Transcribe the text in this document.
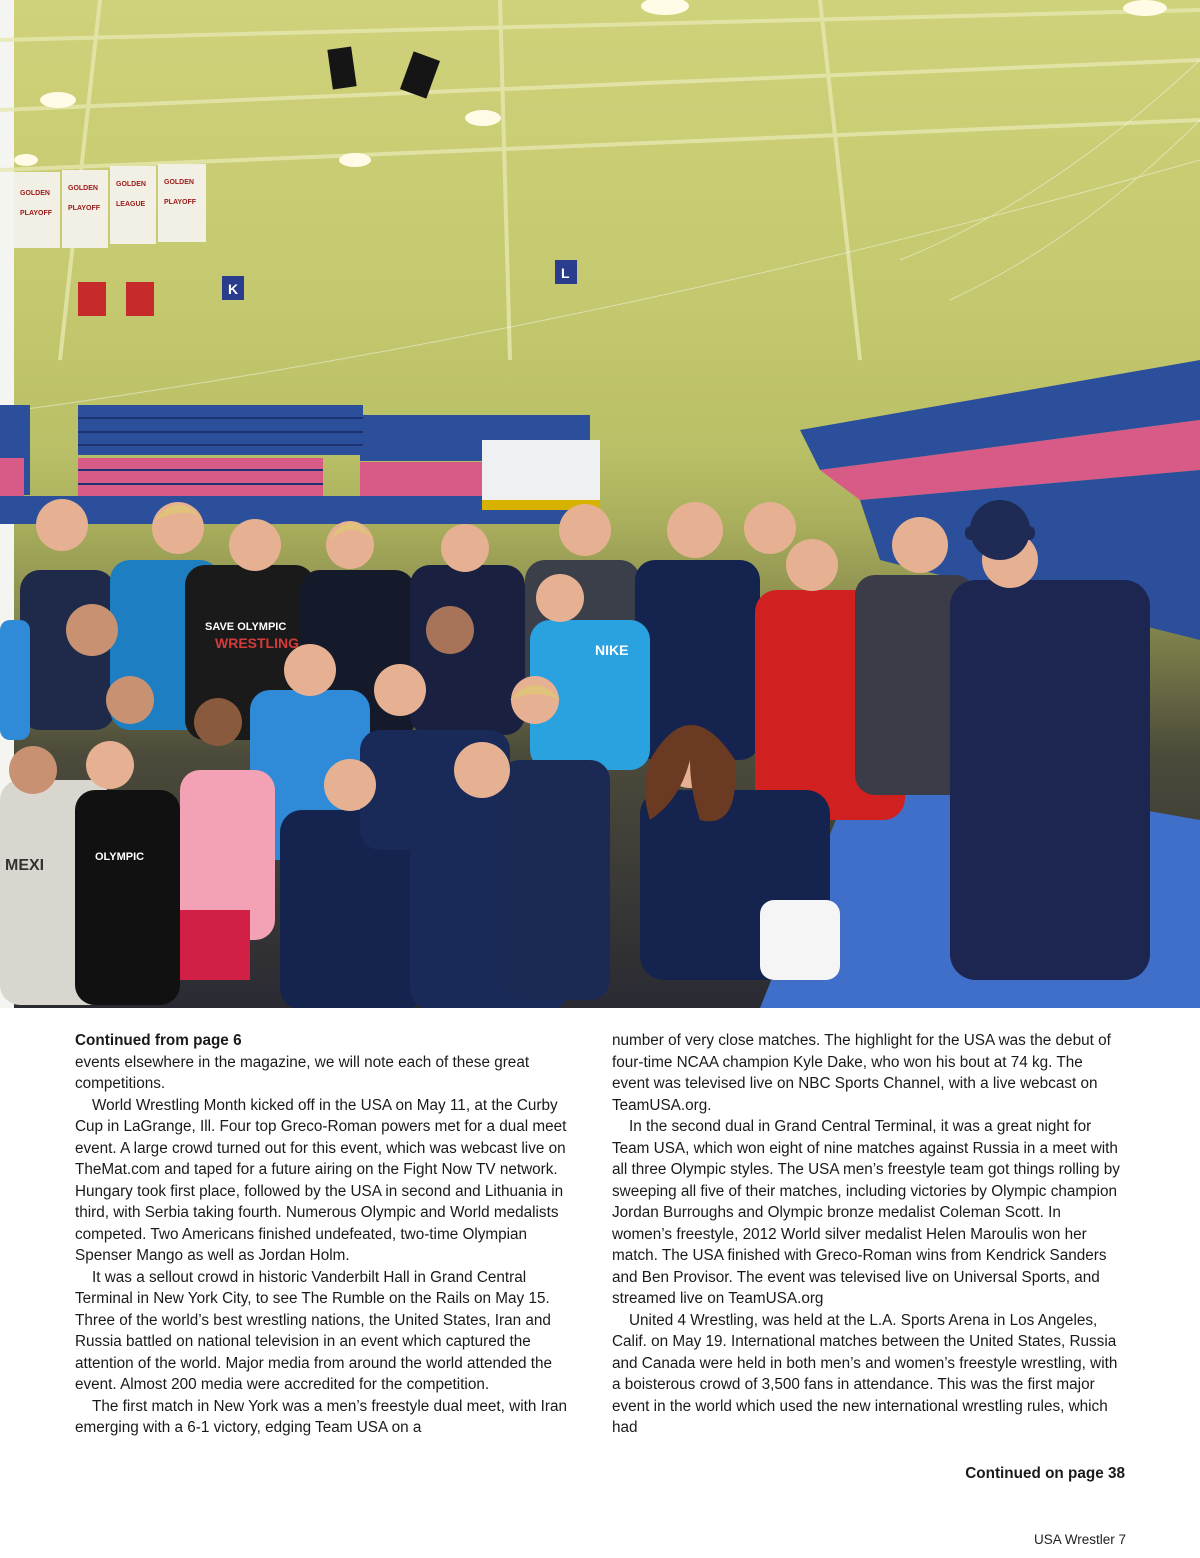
GOLDEN
GOLDEN
GOLDEN	GOLDEN
PLAYOFF
PLAYOFF
LEAGUE	PLAYOFF
K
L
SAVE OLYMPIC
WRESTLING	NIKE
OLYMPIC
MEXI

Continued from page 6

events elsewhere in the magazine, we will note each of these great competitions.

World Wrestling Month kicked off in the USA on May 11, at the Curby Cup in LaGrange, Ill. Four top Greco-Roman powers met for a dual meet event. A large crowd turned out for this event, which was webcast live on TheMat.com and taped for a future airing on the Fight Now TV network. Hungary took first place, followed by the USA in second and Lithuania in third, with Serbia taking fourth. Numerous Olympic and World medalists competed. Two Americans finished undefeated, two-time Olympian Spenser Mango as well as Jordan Holm.

It was a sellout crowd in historic Vanderbilt Hall in Grand Central Terminal in New York City, to see The Rumble on the Rails on May 15. Three of the world’s best wrestling nations, the United States, Iran and Russia battled on national television in an event which captured the attention of the world. Major media from around the world attended the event. Almost 200 media were accredited for the competition.

The first match in New York was a men’s freestyle dual meet, with Iran emerging with a 6-1 victory, edging Team USA on a

number of very close matches. The highlight for the USA was the debut of four-time NCAA champion Kyle Dake, who won his bout at 74 kg. The event was televised live on NBC Sports Channel, with a live webcast on TeamUSA.org.

In the second dual in Grand Central Terminal, it was a great night for Team USA, which won eight of nine matches against Russia in a meet with all three Olympic styles. The USA men’s freestyle team got things rolling by sweeping all five of their matches, including victories by Olympic champion Jordan Burroughs and Olympic bronze medalist Coleman Scott. In women’s freestyle, 2012 World silver medalist Helen Maroulis won her match. The USA finished with Greco-Roman wins from Kendrick Sanders and Ben Provisor. The event was televised live on Universal Sports, and streamed live on TeamUSA.org

United 4 Wrestling, was held at the L.A. Sports Arena in Los Angeles, Calif. on May 19. International matches between the United States, Russia and Canada were held in both men’s and women’s freestyle wrestling, with a boisterous crowd of 3,500 fans in attendance. This was the first major event in the world which used the new international wrestling rules, which had

Continued on page 38
USA Wrestler 7
